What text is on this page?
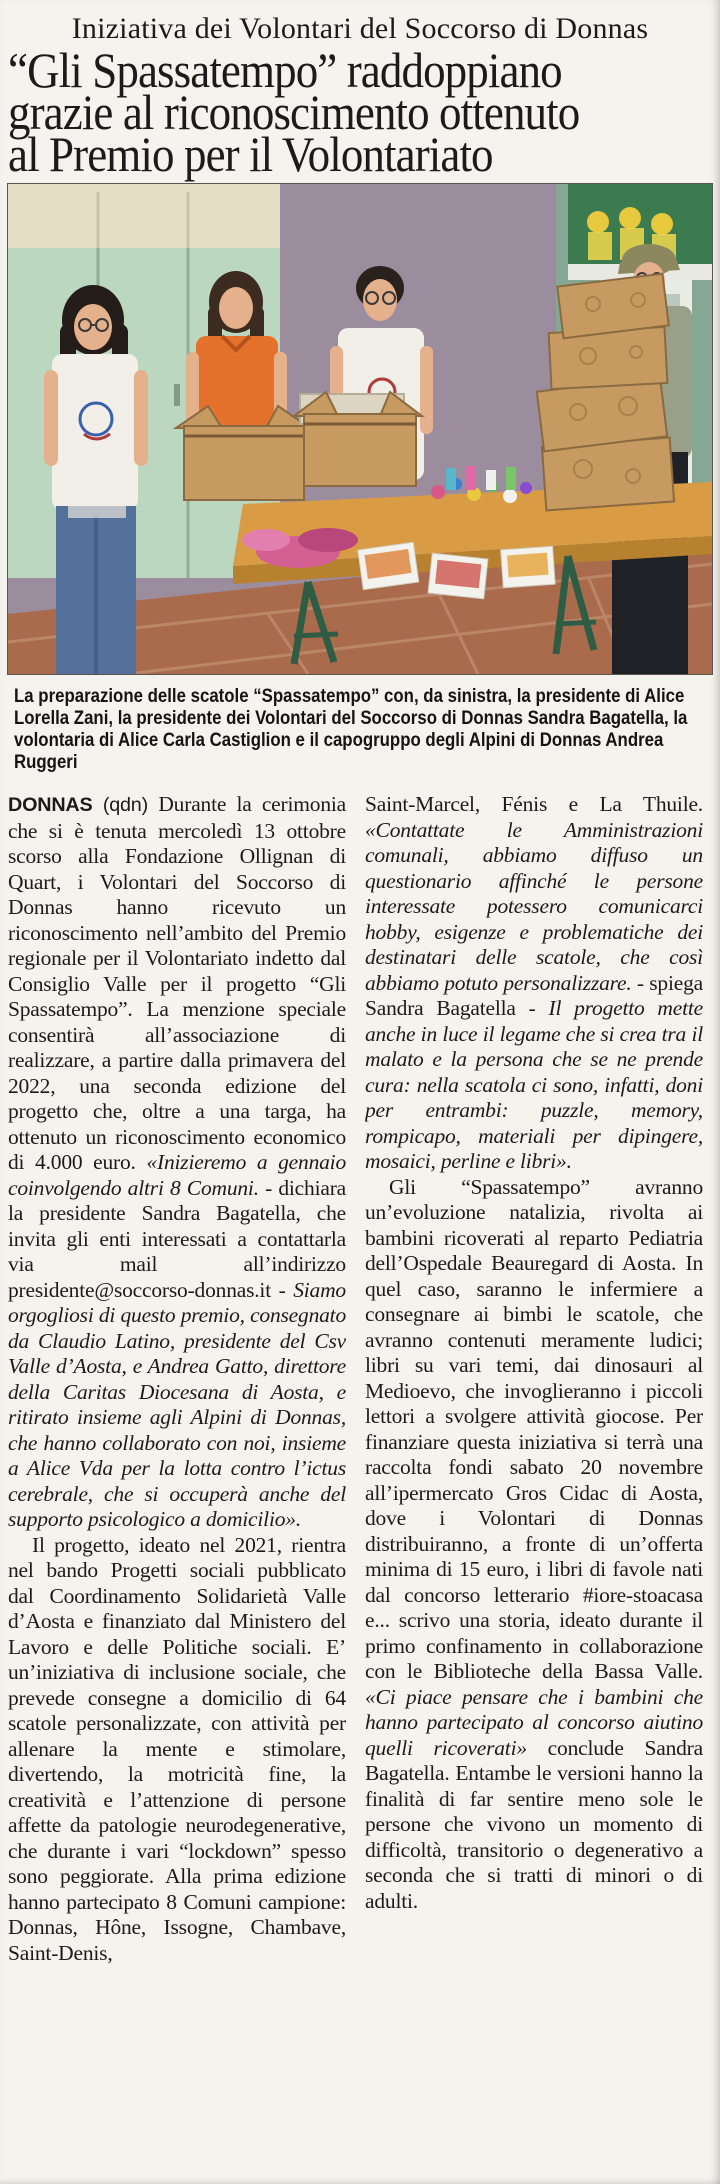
Iniziativa dei Volontari del Soccorso di Donnas
“Gli Spassatempo” raddoppiano
grazie al riconoscimento ottenuto
al Premio per il Volontariato
La preparazione delle scatole “Spassatempo” con, da sinistra, la presidente di Alice Lorella Zani, la presidente dei Volontari del Soccorso di Donnas Sandra Bagatella, la volontaria di Alice Carla Castiglion e il capogruppo degli Alpini di Donnas Andrea Ruggeri

DONNAS (qdn) Durante la cerimonia che si è tenuta mercoledì 13 ottobre scorso alla Fondazione Ollignan di Quart, i Volontari del Soccorso di Donnas hanno ricevuto un riconoscimento nell’ambito del Premio regionale per il Volontariato indetto dal Consiglio Valle per il progetto “Gli Spassatempo”. La menzione speciale consentirà all’associazione di realizzare, a partire dalla primavera del 2022, una seconda edizione del progetto che, oltre a una targa, ha ottenuto un riconoscimento economico di 4.000 euro. «Inizieremo a gennaio coinvolgendo altri 8 Comuni. - dichiara la presidente Sandra Bagatella, che invita gli enti interessati a contattarla via mail all’indirizzo presidente@soccorso-donnas.it - Siamo orgogliosi di questo premio, consegnato da Claudio Latino, presidente del Csv Valle d’Aosta, e Andrea Gatto, direttore della Caritas Diocesana di Aosta, e ritirato insieme agli Alpini di Donnas, che hanno collaborato con noi, insieme a Alice Vda per la lotta contro l’ictus cerebrale, che si occuperà anche del supporto psicologico a domicilio».

Il progetto, ideato nel 2021, rientra nel bando Progetti sociali pubblicato dal Coordinamento Solidarietà Valle d’Aosta e finanziato dal Ministero del Lavoro e delle Politiche sociali. E’ un’iniziativa di inclusione sociale, che prevede consegne a domicilio di 64 scatole personalizzate, con attività per allenare la mente e stimolare, divertendo, la motricità fine, la creatività e l’attenzione di persone affette da patologie neurodegenerative, che durante i vari “lockdown” spesso sono peggiorate. Alla prima edizione hanno partecipato 8 Comuni campione: Donnas, Hône, Issogne, Chambave, Saint-Denis,

Saint-Marcel, Fénis e La Thuile. «Contattate le Amministrazioni comunali, abbiamo diffuso un questionario affinché le persone interessate potessero comunicarci hobby, esigenze e problematiche dei destinatari delle scatole, che così abbiamo potuto personalizzare. - spiega Sandra Bagatella - Il progetto mette anche in luce il legame che si crea tra il malato e la persona che se ne prende cura: nella scatola ci sono, infatti, doni per entrambi: puzzle, memory, rompicapo, materiali per dipingere, mosaici, perline e libri».

Gli “Spassatempo” avranno un’evoluzione natalizia, rivolta ai bambini ricoverati al reparto Pediatria dell’Ospedale Beauregard di Aosta. In quel caso, saranno le infermiere a consegnare ai bimbi le scatole, che avranno contenuti meramente ludici; libri su vari temi, dai dinosauri al Medioevo, che invoglieranno i piccoli lettori a svolgere attività giocose. Per finanziare questa iniziativa si terrà una raccolta fondi sabato 20 novembre all’ipermercato Gros Cidac di Aosta, dove i Volontari di Donnas distribuiranno, a fronte di un’offerta minima di 15 euro, i libri di favole nati dal concorso letterario #iore-stoacasa e... scrivo una storia, ideato durante il primo confinamento in collaborazione con le Biblioteche della Bassa Valle. «Ci piace pensare che i bambini che hanno partecipato al concorso aiutino quelli ricoverati» conclude Sandra Bagatella. Entambe le versioni hanno la finalità di far sentire meno sole le persone che vivono un momento di difficoltà, transitorio o degenerativo a seconda che si tratti di minori o di adulti.
